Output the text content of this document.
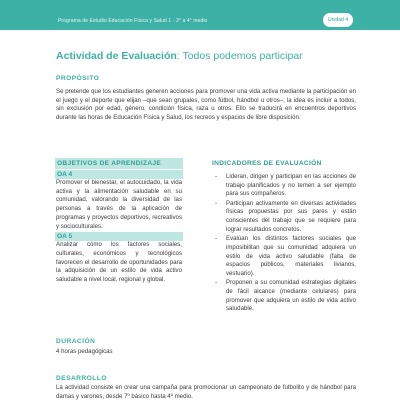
Programa de Estudio Educación Física y Salud 1 - 3° a 4° medio	Unidad 4
Actividad de Evaluación: Todos podemos participar
PROPÓSITO

Se pretende que los estudiantes generen acciones para promover una vida activa mediante la participación en el juego y el deporte que elijan –que sean grupales, como fútbol, hándbol u otros–; la idea es incluir a todos, sin exclusión por edad, género, condición física, raza u otros. Ello se traducirá en encuentros deportivos durante las horas de Educación Física y Salud, los recreos y espacios de libre disposición.

OBJETIVOS DE APRENDIZAJE
OA 4

Promover el bienestar, el autocuidado, la vida activa y la alimentación saludable en su comunidad, valorando la diversidad de las personas a través de la aplicación de programas y proyectos deportivos, recreativos y socioculturales.

OA 5

Analizar cómo los factores sociales, culturales, económicos y tecnológicos favorecen el desarrollo de oportunidades para la adquisición de un estilo de vida activo saludable a nivel local, regional y global.

INDICADORES DE EVALUACIÓN
- Lideran, dirigen y participan en las acciones de trabajo planificados y no temen a ser ejemplo para sus compañeros.
- Participan activamente en diversas actividades físicas propuestas por sus pares y están conscientes del trabajo que se requiere para lograr resultados concretos.
- Evalúan los distintos factores sociales que imposibilitan que su comunidad adquiera un estilo de vida activo saludable (falta de espacios públicos, materiales livianos, vestuario).
- Proponen a su comunidad estrategias digitales de fácil alcance (mediante celulares) para promover que adquiera un estilo de vida activo saludable.
DURACIÓN

4 horas pedagógicas

DESARROLLO

La actividad consiste en crear una campaña para promocionar un campeonato de futbolito y de hándbol para damas y varones, desde 7º básico hasta 4º medio.
